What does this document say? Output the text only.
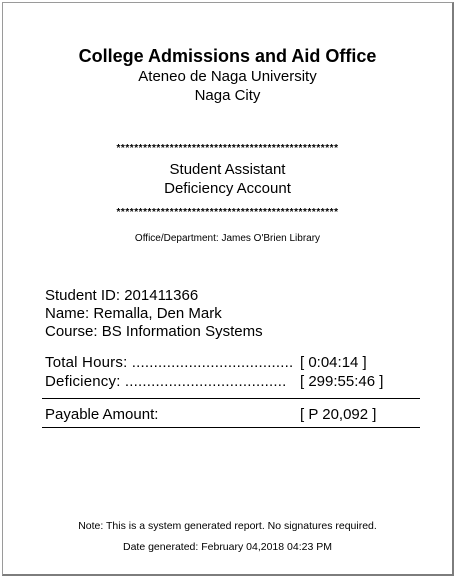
College Admissions and Aid Office
Ateneo de Naga University
Naga City
**************************************************
Student Assistant
Deficiency Account
**************************************************
Office/Department: James O'Brien Library
Student ID: 201411366
Name: Remalla, Den Mark
Course: BS Information Systems
Total Hours: ..................................... [ 0:04:14 ]
Deficiency: ..................................... [ 299:55:46 ]
Payable Amount:	[ P 20,092 ]
Note: This is a system generated report. No signatures required.
Date generated: February 04,2018 04:23 PM
